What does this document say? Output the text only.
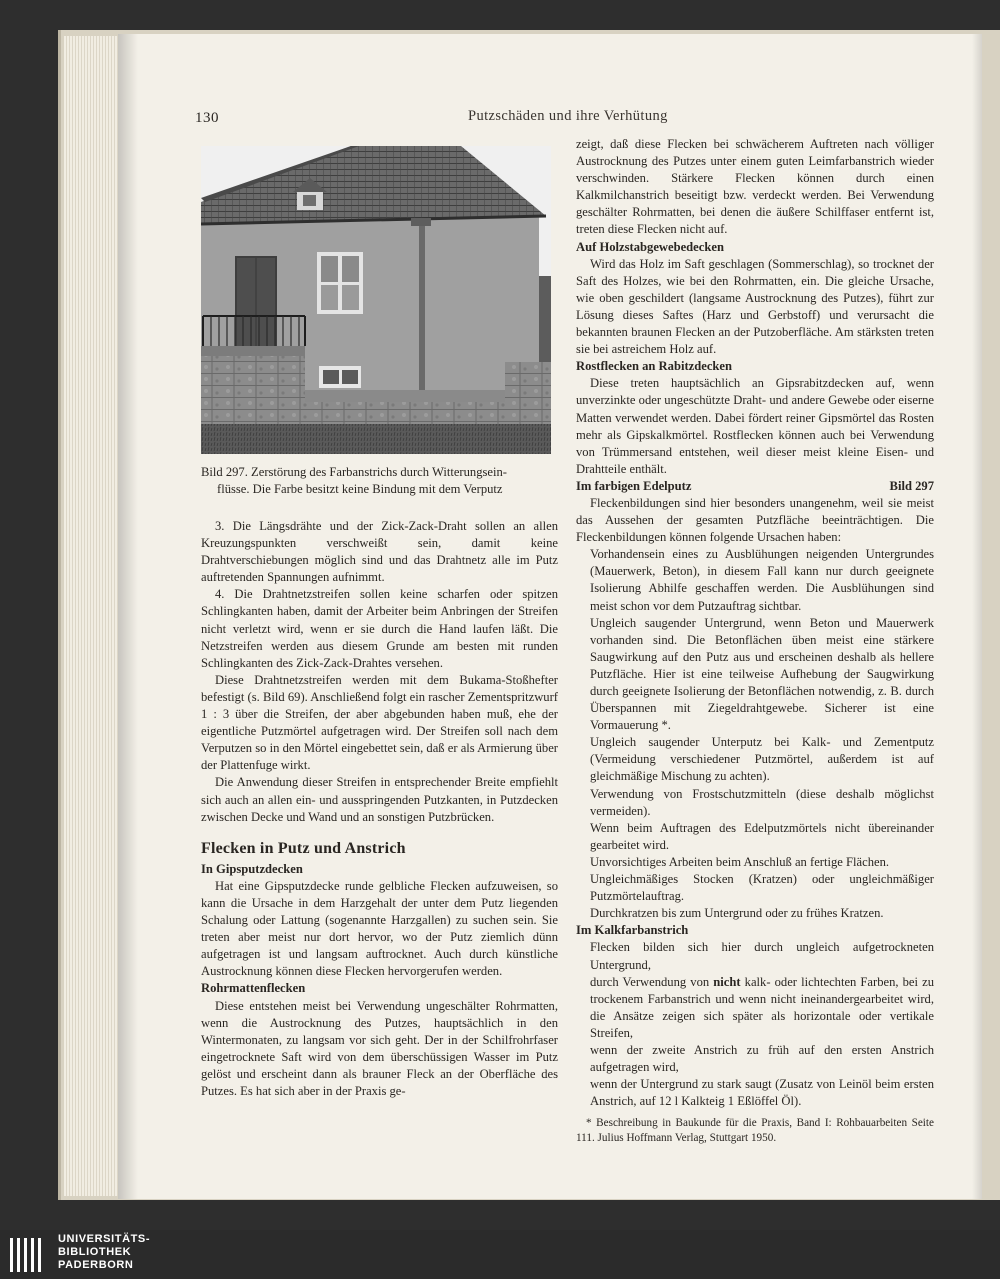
130	Putzschäden und ihre Verhütung
Bild 297. Zerstörung des Farbanstrichs durch Witterungsein-
flüsse. Die Farbe besitzt keine Bindung mit dem Verputz

3. Die Längsdrähte und der Zick-Zack-Draht sollen an allen Kreuzungspunkten verschweißt sein, damit keine Drahtverschiebungen möglich sind und das Drahtnetz alle im Putz auftretenden Spannungen aufnimmt.

4. Die Drahtnetzstreifen sollen keine scharfen oder spitzen Schlingkanten haben, damit der Arbeiter beim Anbringen der Streifen nicht verletzt wird, wenn er sie durch die Hand laufen läßt. Die Netzstreifen werden aus diesem Grunde am besten mit runden Schlingkanten des Zick-Zack-Drahtes versehen.

Diese Drahtnetzstreifen werden mit dem Bukama-Stoßhefter befestigt (s. Bild 69). Anschließend folgt ein rascher Zementspritzwurf 1 : 3 über die Streifen, der aber abgebunden haben muß, ehe der eigentliche Putzmörtel aufgetragen wird. Der Streifen soll nach dem Verputzen so in den Mörtel eingebettet sein, daß er als Armierung über der Plattenfuge wirkt.

Die Anwendung dieser Streifen in entsprechender Breite empfiehlt sich auch an allen ein- und ausspringenden Putzkanten, in Putzdecken zwischen Decke und Wand und an sonstigen Putzbrücken.

Flecken in Putz und Anstrich
In Gipsputzdecken

Hat eine Gipsputzdecke runde gelbliche Flecken aufzuweisen, so kann die Ursache in dem Harzgehalt der unter dem Putz liegenden Schalung oder Lattung (sogenannte Harzgallen) zu suchen sein. Sie treten aber meist nur dort hervor, wo der Putz ziemlich dünn aufgetragen ist und langsam auftrocknet. Auch durch künstliche Austrocknung können diese Flecken hervorgerufen werden.

Rohrmattenflecken

Diese entstehen meist bei Verwendung ungeschälter Rohrmatten, wenn die Austrocknung des Putzes, hauptsächlich in den Wintermonaten, zu langsam vor sich geht. Der in der Schilfrohrfaser eingetrocknete Saft wird von dem überschüssigen Wasser im Putz gelöst und erscheint dann als brauner Fleck an der Oberfläche des Putzes. Es hat sich aber in der Praxis ge-

zeigt, daß diese Flecken bei schwächerem Auftreten nach völliger Austrocknung des Putzes unter einem guten Leimfarbanstrich wieder verschwinden. Stärkere Flecken können durch einen Kalkmilchanstrich beseitigt bzw. verdeckt werden. Bei Verwendung geschälter Rohrmatten, bei denen die äußere Schilffaser entfernt ist, treten diese Flecken nicht auf.

Auf Holzstabgewebedecken

Wird das Holz im Saft geschlagen (Sommerschlag), so trocknet der Saft des Holzes, wie bei den Rohrmatten, ein. Die gleiche Ursache, wie oben geschildert (langsame Austrocknung des Putzes), führt zur Lösung dieses Saftes (Harz und Gerbstoff) und verursacht die bekannten braunen Flecken an der Putzoberfläche. Am stärksten treten sie bei astreichem Holz auf.

Rostflecken an Rabitzdecken

Diese treten hauptsächlich an Gipsrabitzdecken auf, wenn unverzinkte oder ungeschützte Draht- und andere Gewebe oder eiserne Matten verwendet werden. Dabei fördert reiner Gipsmörtel das Rosten mehr als Gipskalkmörtel. Rostflecken können auch bei Verwendung von Trümmersand entstehen, weil dieser meist kleine Eisen- und Drahtteile enthält.

Im farbigen Edelputz	Bild 297

Fleckenbildungen sind hier besonders unangenehm, weil sie meist das Aussehen der gesamten Putzfläche beeinträchtigen. Die Fleckenbildungen können folgende Ursachen haben:

Vorhandensein eines zu Ausblühungen neigenden Untergrundes (Mauerwerk, Beton), in diesem Fall kann nur durch geeignete Isolierung Abhilfe geschaffen werden. Die Ausblühungen sind meist schon vor dem Putzauftrag sichtbar.

Ungleich saugender Untergrund, wenn Beton und Mauerwerk vorhanden sind. Die Betonflächen üben meist eine stärkere Saugwirkung auf den Putz aus und erscheinen deshalb als hellere Putzfläche. Hier ist eine teilweise Aufhebung der Saugwirkung durch geeignete Isolierung der Betonflächen notwendig, z. B. durch Überspannen mit Ziegeldrahtgewebe. Sicherer ist eine Vormauerung *.

Ungleich saugender Unterputz bei Kalk- und Zementputz (Vermeidung verschiedener Putzmörtel, außerdem ist auf gleichmäßige Mischung zu achten).

Verwendung von Frostschutzmitteln (diese deshalb möglichst vermeiden).

Wenn beim Auftragen des Edelputzmörtels nicht übereinander gearbeitet wird.

Unvorsichtiges Arbeiten beim Anschluß an fertige Flächen.

Ungleichmäßiges Stocken (Kratzen) oder ungleichmäßiger Putzmörtelauftrag.

Durchkratzen bis zum Untergrund oder zu frühes Kratzen.

Im Kalkfarbanstrich

Flecken bilden sich hier durch ungleich aufgetrockneten Untergrund,

durch Verwendung von nicht kalk- oder lichtechten Farben, bei zu trockenem Farbanstrich und wenn nicht ineinandergearbeitet wird, die Ansätze zeigen sich später als horizontale oder vertikale Streifen,

wenn der zweite Anstrich zu früh auf den ersten Anstrich aufgetragen wird,

wenn der Untergrund zu stark saugt (Zusatz von Leinöl beim ersten Anstrich, auf 12 l Kalkteig 1 Eßlöffel Öl).

* Beschreibung in Baukunde für die Praxis, Band I: Rohbauarbeiten Seite 111. Julius Hoffmann Verlag, Stuttgart 1950.

UNIVERSITÄTS-
BIBLIOTHEK
PADERBORN
